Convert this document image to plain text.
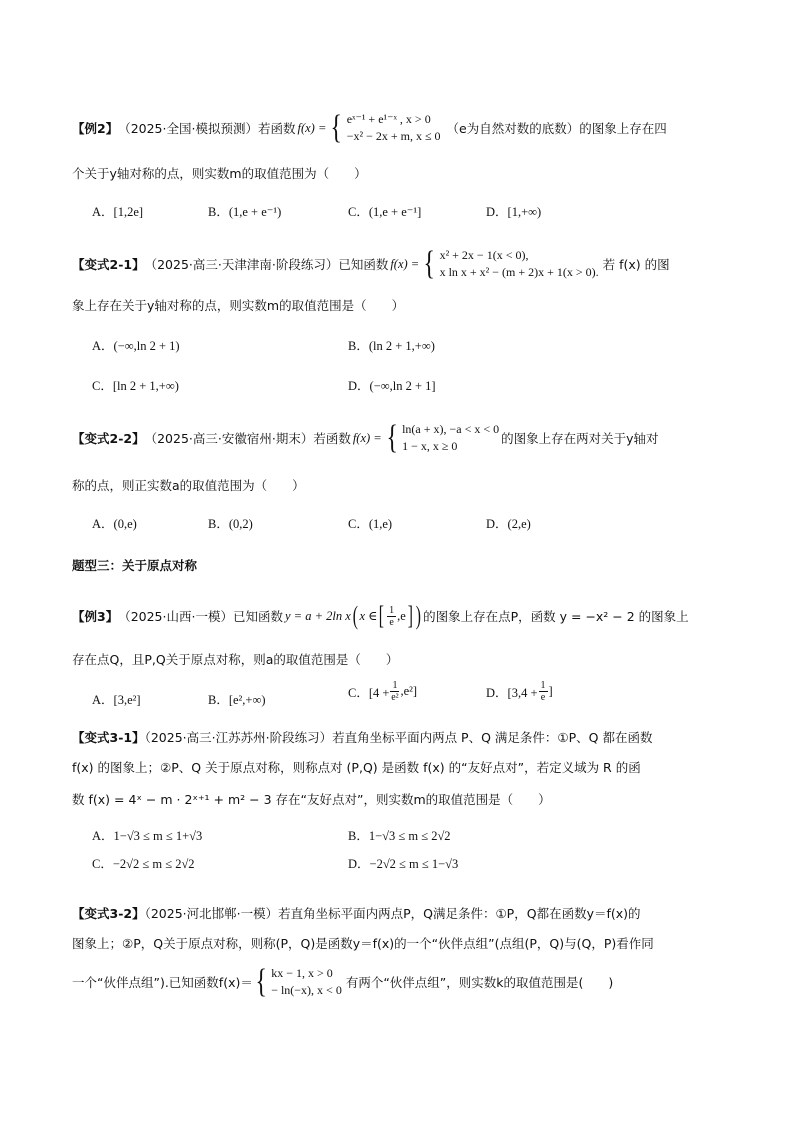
【例2】 （2025·全国·模拟预测）若函数 f(x) = { eˣ⁻¹ + e¹⁻ˣ , x > 0
−x² − 2x + m, x ≤ 0 （e为自然对数的底数）的图象上存在四
个关于y轴对称的点，则实数m的取值范围为（　　）
A．[1,2e]	B．(1,e + e⁻¹)	C．(1,e + e⁻¹]	D．[1,+∞)
【变式2-1】 （2025·高三·天津津南·阶段练习）已知函数 f(x) = { x² + 2x − 1(x < 0),
x ln x + x² − (m + 2)x + 1(x > 0). 若 f(x) 的图
象上存在关于y轴对称的点，则实数m的取值范围是（　　）
A．(−∞,ln 2 + 1)	B．(ln 2 + 1,+∞)
C．[ln 2 + 1,+∞)	D．(−∞,ln 2 + 1]
【变式2-2】 （2025·高三·安徽宿州·期末）若函数 f(x) = { ln(a + x), −a < x < 0
1 − x, x ≥ 0	的图象上存在两对关于y轴对
称的点，则正实数a的取值范围为（　　）
A．(0,e)	B．(0,2)	C．(1,e)	D．(2,e)
题型三：关于原点对称
【例3】 （2025·山西·一模）已知函数 y = a + 2ln x ( x ∈ [ $\frac{1}{e} ,e$ ] ) 的图象上存在点P，函数 y = −x² − 2 的图象上
存在点Q，且P,Q关于原点对称，则a的取值范围是（　　）
A．[3,e²]	B．[e²,+∞)
C．$[4 + \frac{1}{\text{e²}} ,e^2]$	D．[$3,4 + \frac{1}{e}$ ]
【变式3-1】（2025·高三·江苏苏州·阶段练习）若直角坐标平面内两点 P、Q 满足条件：①P、Q 都在函数
f(x) 的图象上；②P、Q 关于原点对称，则称点对 (P,Q) 是函数 f(x) 的“友好点对”，若定义域为 R 的函
数 f(x) = 4ˣ − m · 2ˣ⁺¹ + m² − 3 存在“友好点对”，则实数m的取值范围是（　　）
A．1−√3 ≤ m ≤ 1+√3	B．1−√3 ≤ m ≤ 2√2
C．−2√2 ≤ m ≤ 2√2	D．−2√2 ≤ m ≤ 1−√3
【变式3-2】（2025·河北邯郸·一模）若直角坐标平面内两点P，Q满足条件：①P，Q都在函数y＝f(x)的
图象上；②P，Q关于原点对称，则称(P，Q)是函数y＝f(x)的一个“伙伴点组”(点组(P，Q)与(Q，P)看作同
一个“伙伴点组”).已知函数f(x)＝ { kx − 1, x > 0
− ln(−x), x < 0 有两个“伙伴点组”，则实数k的取值范围是(　　)
